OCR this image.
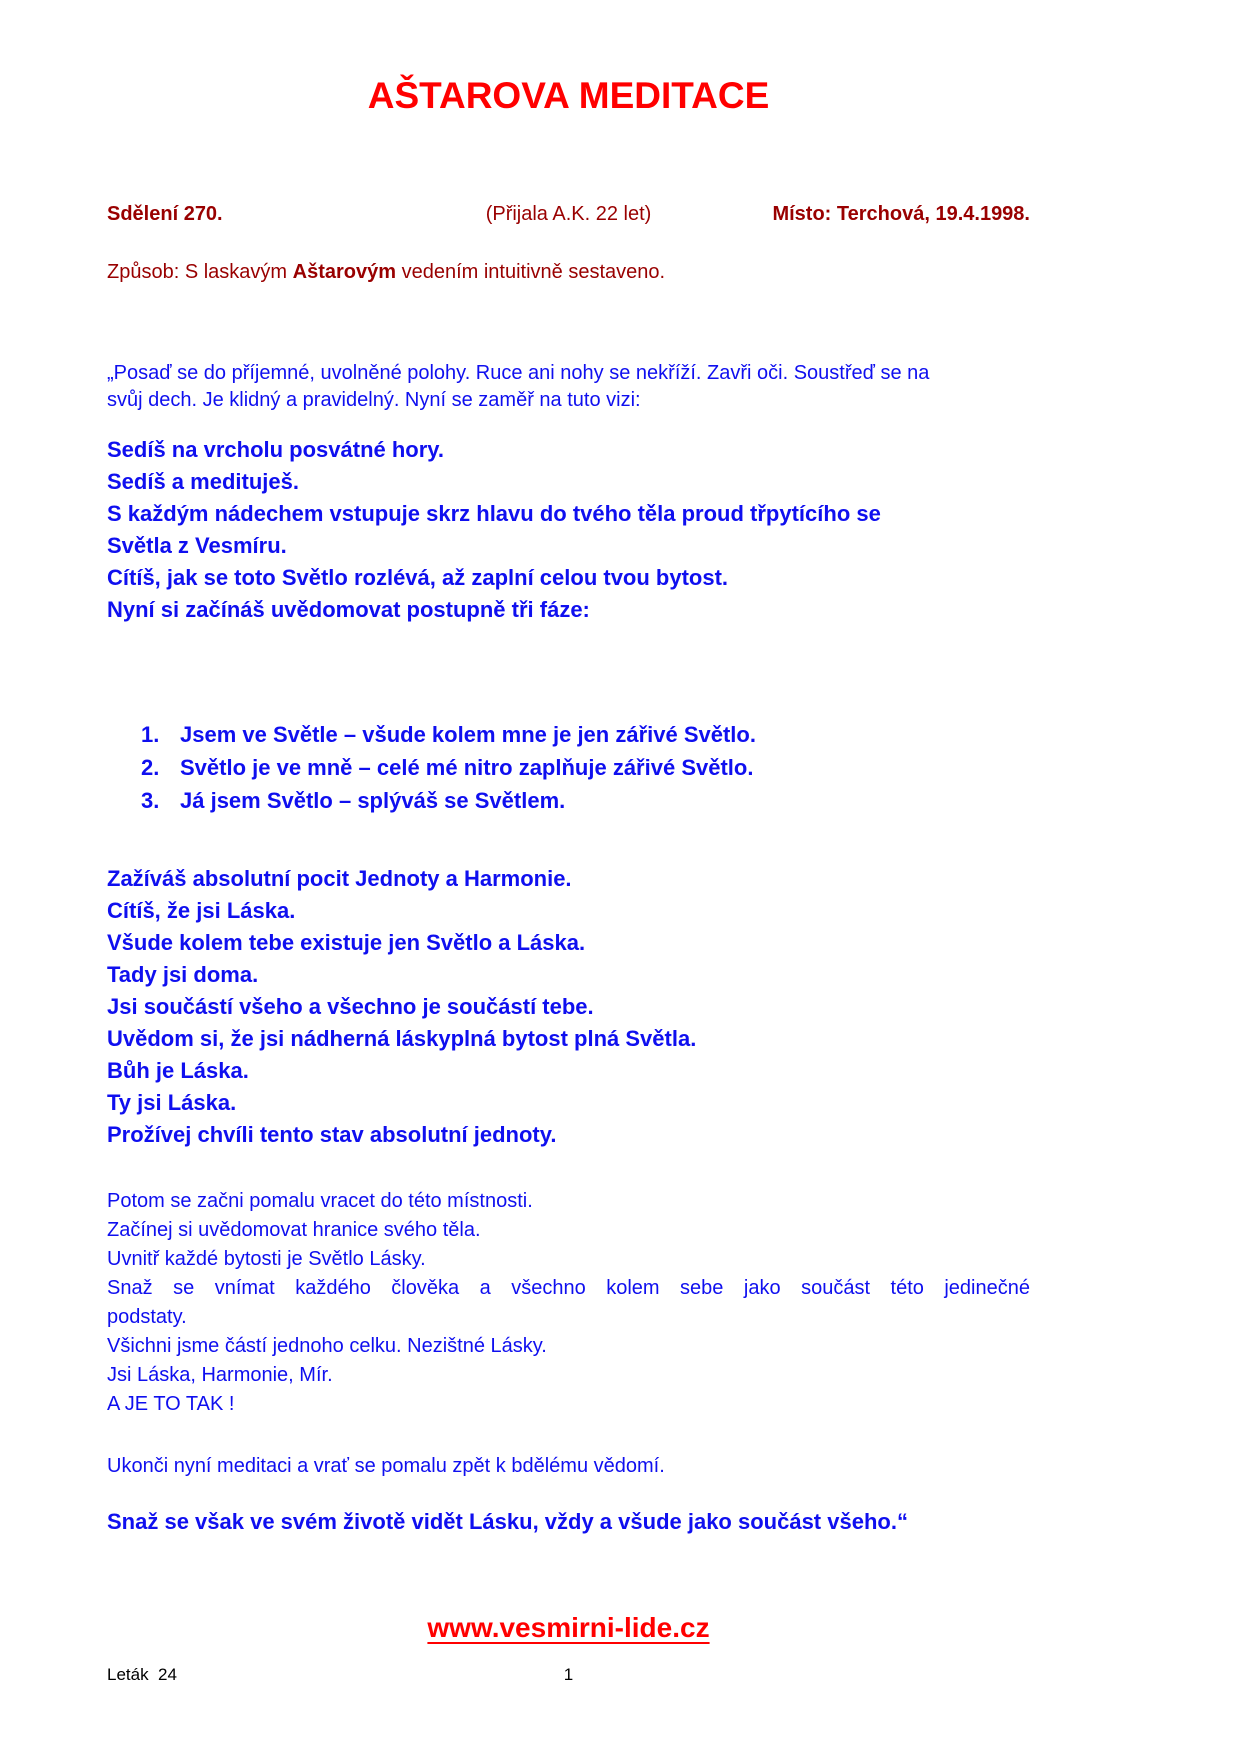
AŠTAROVA MEDITACE
Sdělení 270.	(Přijala A.K. 22 let)	Místo: Terchová, 19.4.1998.
Způsob: S laskavým Aštarovým vedením intuitivně sestaveno.
„Posaď se do příjemné, uvolněné polohy. Ruce ani nohy se nekříží. Zavři oči. Soustřeď se na
svůj dech. Je klidný a pravidelný. Nyní se zaměř na tuto vizi:
Sedíš na vrcholu posvátné hory.
Sedíš a medituješ.
S každým nádechem vstupuje skrz hlavu do tvého těla proud třpytícího se
Světla z Vesmíru.
Cítíš, jak se toto Světlo rozlévá, až zaplní celou tvou bytost.
Nyní si začínáš uvědomovat postupně tři fáze:
1. Jsem ve Světle – všude kolem mne je jen zářivé Světlo.
2. Světlo je ve mně – celé mé nitro zaplňuje zářivé Světlo.
3. Já jsem Světlo – splýváš se Světlem.
Zažíváš absolutní pocit Jednoty a Harmonie.
Cítíš, že jsi Láska.
Všude kolem tebe existuje jen Světlo a Láska.
Tady jsi doma.
Jsi součástí všeho a všechno je součástí tebe.
Uvědom si, že jsi nádherná láskyplná bytost plná Světla.
Bůh je Láska.
Ty jsi Láska.
Prožívej chvíli tento stav absolutní jednoty.
Potom se začni pomalu vracet do této místnosti.
Začínej si uvědomovat hranice svého těla.
Uvnitř každé bytosti je Světlo Lásky.
Snaž se vnímat každého člověka a všechno kolem sebe jako součást této jedinečné
podstaty.
Všichni jsme částí jednoho celku. Nezištné Lásky.
Jsi Láska, Harmonie, Mír.
A JE TO TAK !
Ukonči nyní meditaci a vrať se pomalu zpět k bdělému vědomí.
Snaž se však ve svém životě vidět Lásku, vždy a všude jako součást všeho.“
www.vesmirni-lide.cz
Leták  24	1
